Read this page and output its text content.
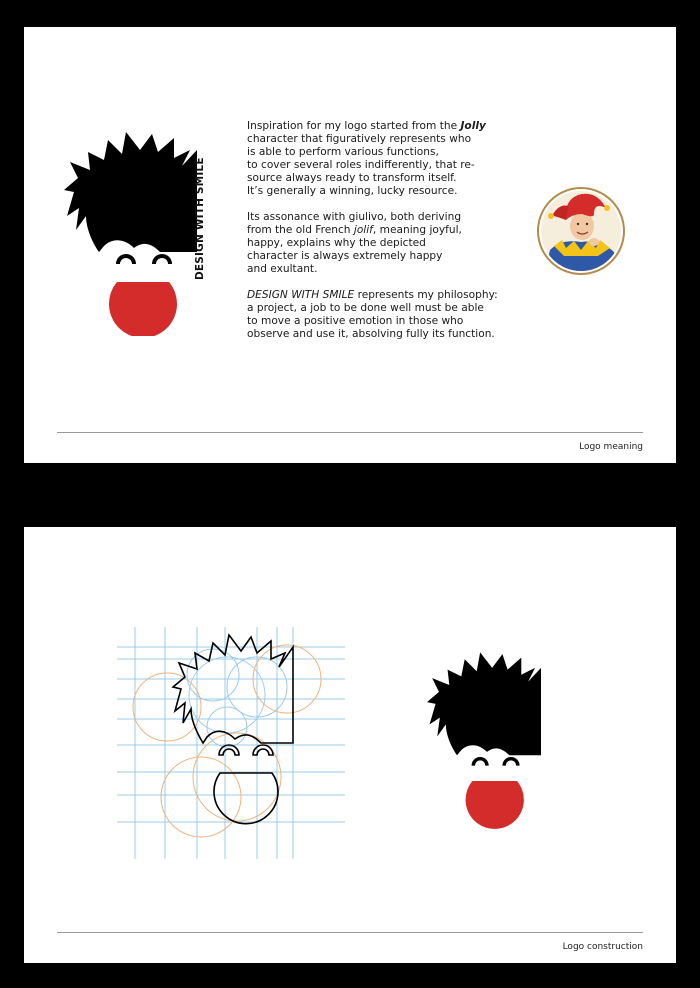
DESIGN WITH SMILE

Inspiration for my logo started from the Jolly
character that figuratively represents who
is able to perform various functions,
to cover several roles indifferently, that re-
source always ready to transform itself.
It’s generally a winning, lucky resource.

Its assonance with giulivo, both deriving
from the old French jolif, meaning joyful,
happy, explains why the depicted
character is always extremely happy
and exultant.

DESIGN WITH SMILE represents my philosophy:
a project, a job to be done well must be able
to move a positive emotion in those who
observe and use it, absolving fully its function.

Logo meaning
Logo construction
